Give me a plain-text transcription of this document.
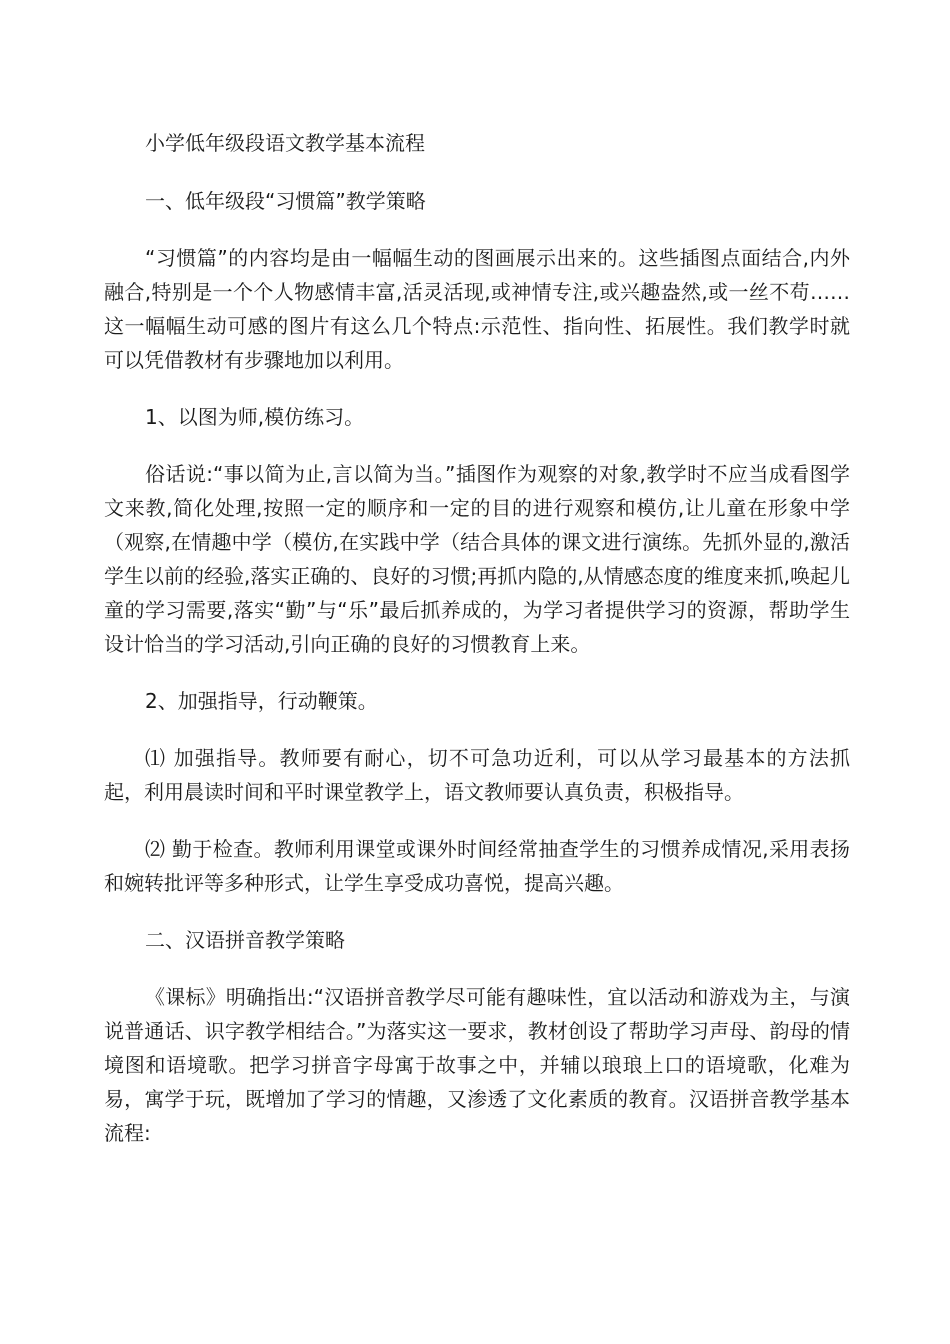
小学低年级段语文教学基本流程

一、低年级段“习惯篇”教学策略

“习惯篇”的内容均是由一幅幅生动的图画展示出来的。这些插图点面结合,内外融合,特别是一个个人物感情丰富,活灵活现,或神情专注,或兴趣盎然,或一丝不苟……这一幅幅生动可感的图片有这么几个特点:示范性、指向性、拓展性。我们教学时就可以凭借教材有步骤地加以利用。

1、以图为师,模仿练习。

俗话说:“事以简为止,言以简为当。”插图作为观察的对象,教学时不应当成看图学文来教,简化处理,按照一定的顺序和一定的目的进行观察和模仿,让儿童在形象中学（观察,在情趣中学（模仿,在实践中学（结合具体的课文进行演练。先抓外显的,激活学生以前的经验,落实正确的、良好的习惯;再抓内隐的,从情感态度的维度来抓,唤起儿童的学习需要,落实“勤”与“乐”最后抓养成的，为学习者提供学习的资源，帮助学生设计恰当的学习活动,引向正确的良好的习惯教育上来。

2、加强指导，行动鞭策。

⑴ 加强指导。教师要有耐心，切不可急功近利，可以从学习最基本的方法抓起，利用晨读时间和平时课堂教学上，语文教师要认真负责，积极指导。

⑵ 勤于检查。教师利用课堂或课外时间经常抽查学生的习惯养成情况,采用表扬和婉转批评等多种形式，让学生享受成功喜悦，提高兴趣。

二、汉语拼音教学策略

《课标》明确指出:“汉语拼音教学尽可能有趣味性，宜以活动和游戏为主，与演说普通话、识字教学相结合。”为落实这一要求，教材创设了帮助学习声母、韵母的情境图和语境歌。把学习拼音字母寓于故事之中，并辅以琅琅上口的语境歌，化难为易，寓学于玩，既增加了学习的情趣，又渗透了文化素质的教育。汉语拼音教学基本流程:
